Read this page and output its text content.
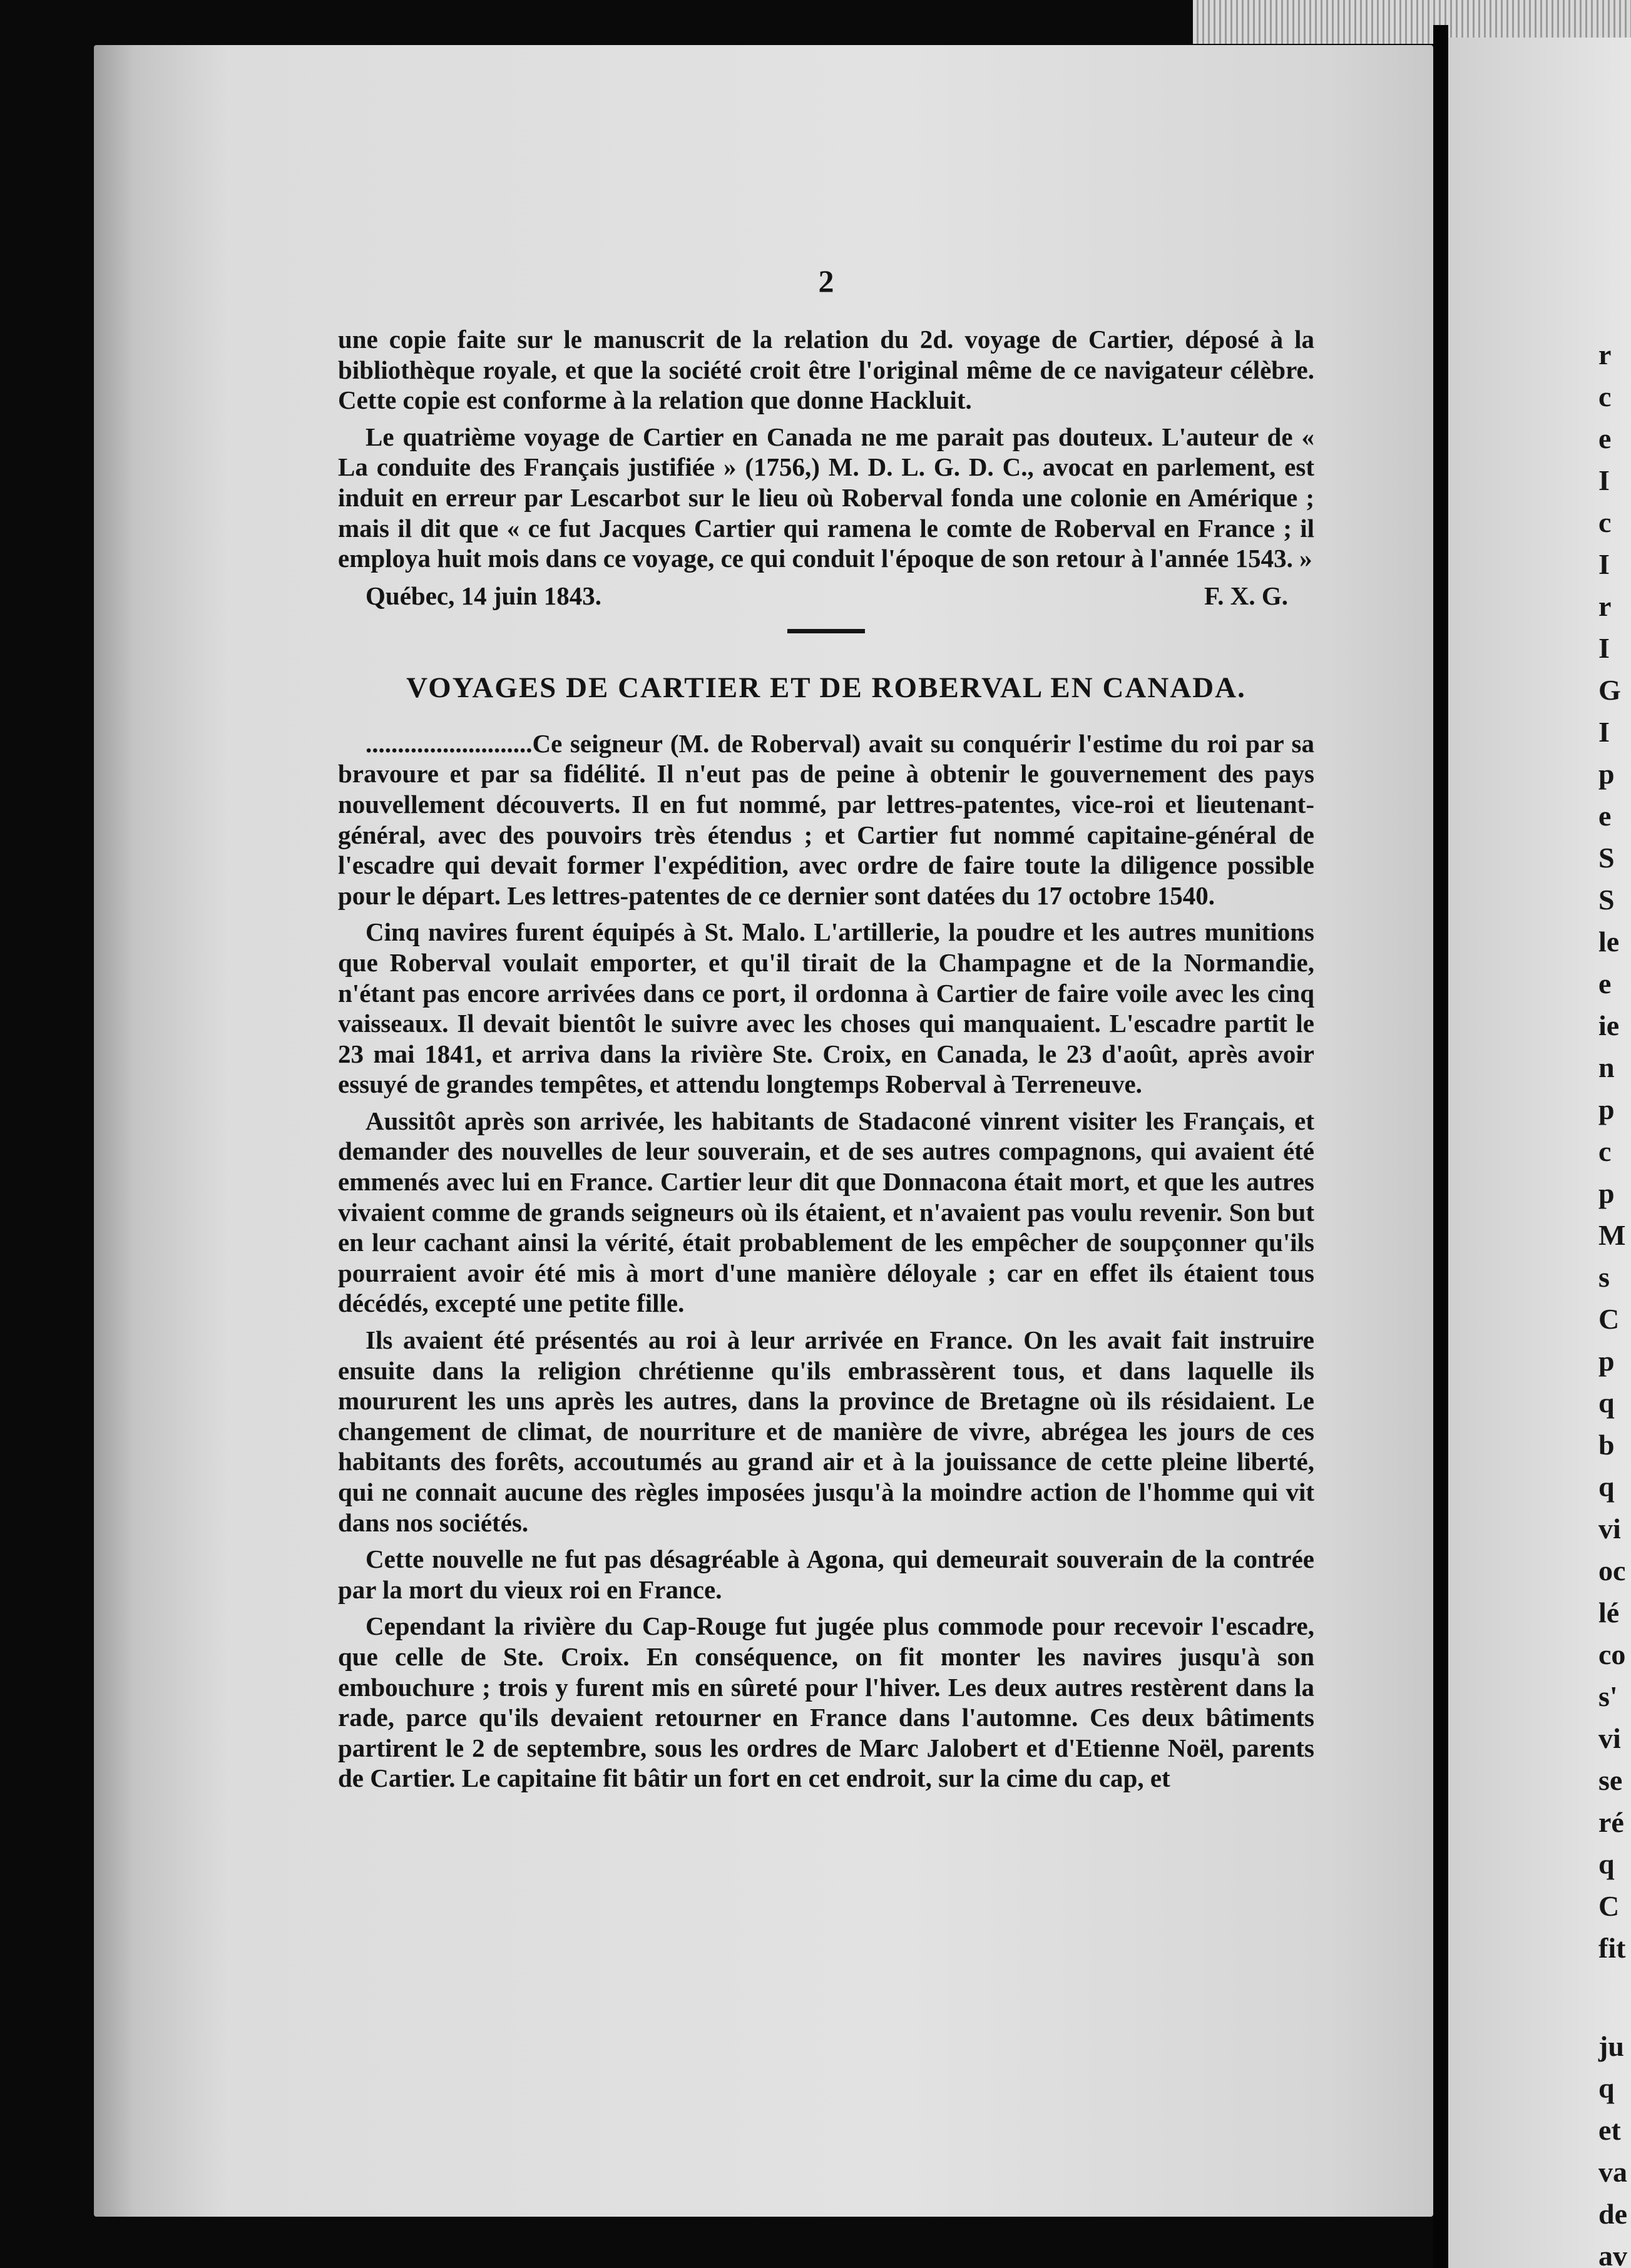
r
c
e
I
c
I
r
I
G
I
p
e
S
S
le
e
ie
n
p
c
p
M
s
C
p
q
b
q
vi
oc
lé
co
s'
vi
se
ré
q
C
fit
ju
q
et
va
de
av
2

une copie faite sur le manuscrit de la relation du 2d. voyage de Cartier, déposé à la bibliothèque royale, et que la société croit être l'original même de ce navigateur célèbre. Cette copie est conforme à la relation que donne Hackluit.

Le quatrième voyage de Cartier en Canada ne me parait pas douteux. L'auteur de « La conduite des Français justifiée » (1756,) M. D. L. G. D. C., avocat en parlement, est induit en erreur par Lescarbot sur le lieu où Roberval fonda une colonie en Amérique ; mais il dit que « ce fut Jacques Cartier qui ramena le comte de Roberval en France ; il employa huit mois dans ce voyage, ce qui conduit l'époque de son retour à l'année 1543. »

Québec, 14 juin 1843.	F. X. G.
VOYAGES DE CARTIER ET DE ROBERVAL EN CANADA.

..........................Ce seigneur (M. de Roberval) avait su conquérir l'estime du roi par sa bravoure et par sa fidélité. Il n'eut pas de peine à obtenir le gouvernement des pays nouvellement découverts. Il en fut nommé, par lettres-patentes, vice-roi et lieutenant-général, avec des pouvoirs très étendus ; et Cartier fut nommé capitaine-général de l'escadre qui devait former l'expédition, avec ordre de faire toute la diligence possible pour le départ. Les lettres-patentes de ce dernier sont datées du 17 octobre 1540.

Cinq navires furent équipés à St. Malo. L'artillerie, la poudre et les autres munitions que Roberval voulait emporter, et qu'il tirait de la Champagne et de la Normandie, n'étant pas encore arrivées dans ce port, il ordonna à Cartier de faire voile avec les cinq vaisseaux. Il devait bientôt le suivre avec les choses qui manquaient. L'escadre partit le 23 mai 1841, et arriva dans la rivière Ste. Croix, en Canada, le 23 d'août, après avoir essuyé de grandes tempêtes, et attendu longtemps Roberval à Terreneuve.

Aussitôt après son arrivée, les habitants de Stadaconé vinrent visiter les Français, et demander des nouvelles de leur souverain, et de ses autres compagnons, qui avaient été emmenés avec lui en France. Cartier leur dit que Donnacona était mort, et que les autres vivaient comme de grands seigneurs où ils étaient, et n'avaient pas voulu revenir. Son but en leur cachant ainsi la vérité, était probablement de les empêcher de soupçonner qu'ils pourraient avoir été mis à mort d'une manière déloyale ; car en effet ils étaient tous décédés, excepté une petite fille.

Ils avaient été présentés au roi à leur arrivée en France. On les avait fait instruire ensuite dans la religion chrétienne qu'ils embrassèrent tous, et dans laquelle ils moururent les uns après les autres, dans la province de Bretagne où ils résidaient. Le changement de climat, de nourriture et de manière de vivre, abrégea les jours de ces habitants des forêts, accoutumés au grand air et à la jouissance de cette pleine liberté, qui ne connait aucune des règles imposées jusqu'à la moindre action de l'homme qui vit dans nos sociétés.

Cette nouvelle ne fut pas désagréable à Agona, qui demeurait souverain de la contrée par la mort du vieux roi en France.

Cependant la rivière du Cap-Rouge fut jugée plus commode pour recevoir l'escadre, que celle de Ste. Croix. En conséquence, on fit monter les navires jusqu'à son embouchure ; trois y furent mis en sûreté pour l'hiver. Les deux autres restèrent dans la rade, parce qu'ils devaient retourner en France dans l'automne. Ces deux bâtiments partirent le 2 de septembre, sous les ordres de Marc Jalobert et d'Etienne Noël, parents de Cartier. Le capitaine fit bâtir un fort en cet endroit, sur la cime du cap, et
